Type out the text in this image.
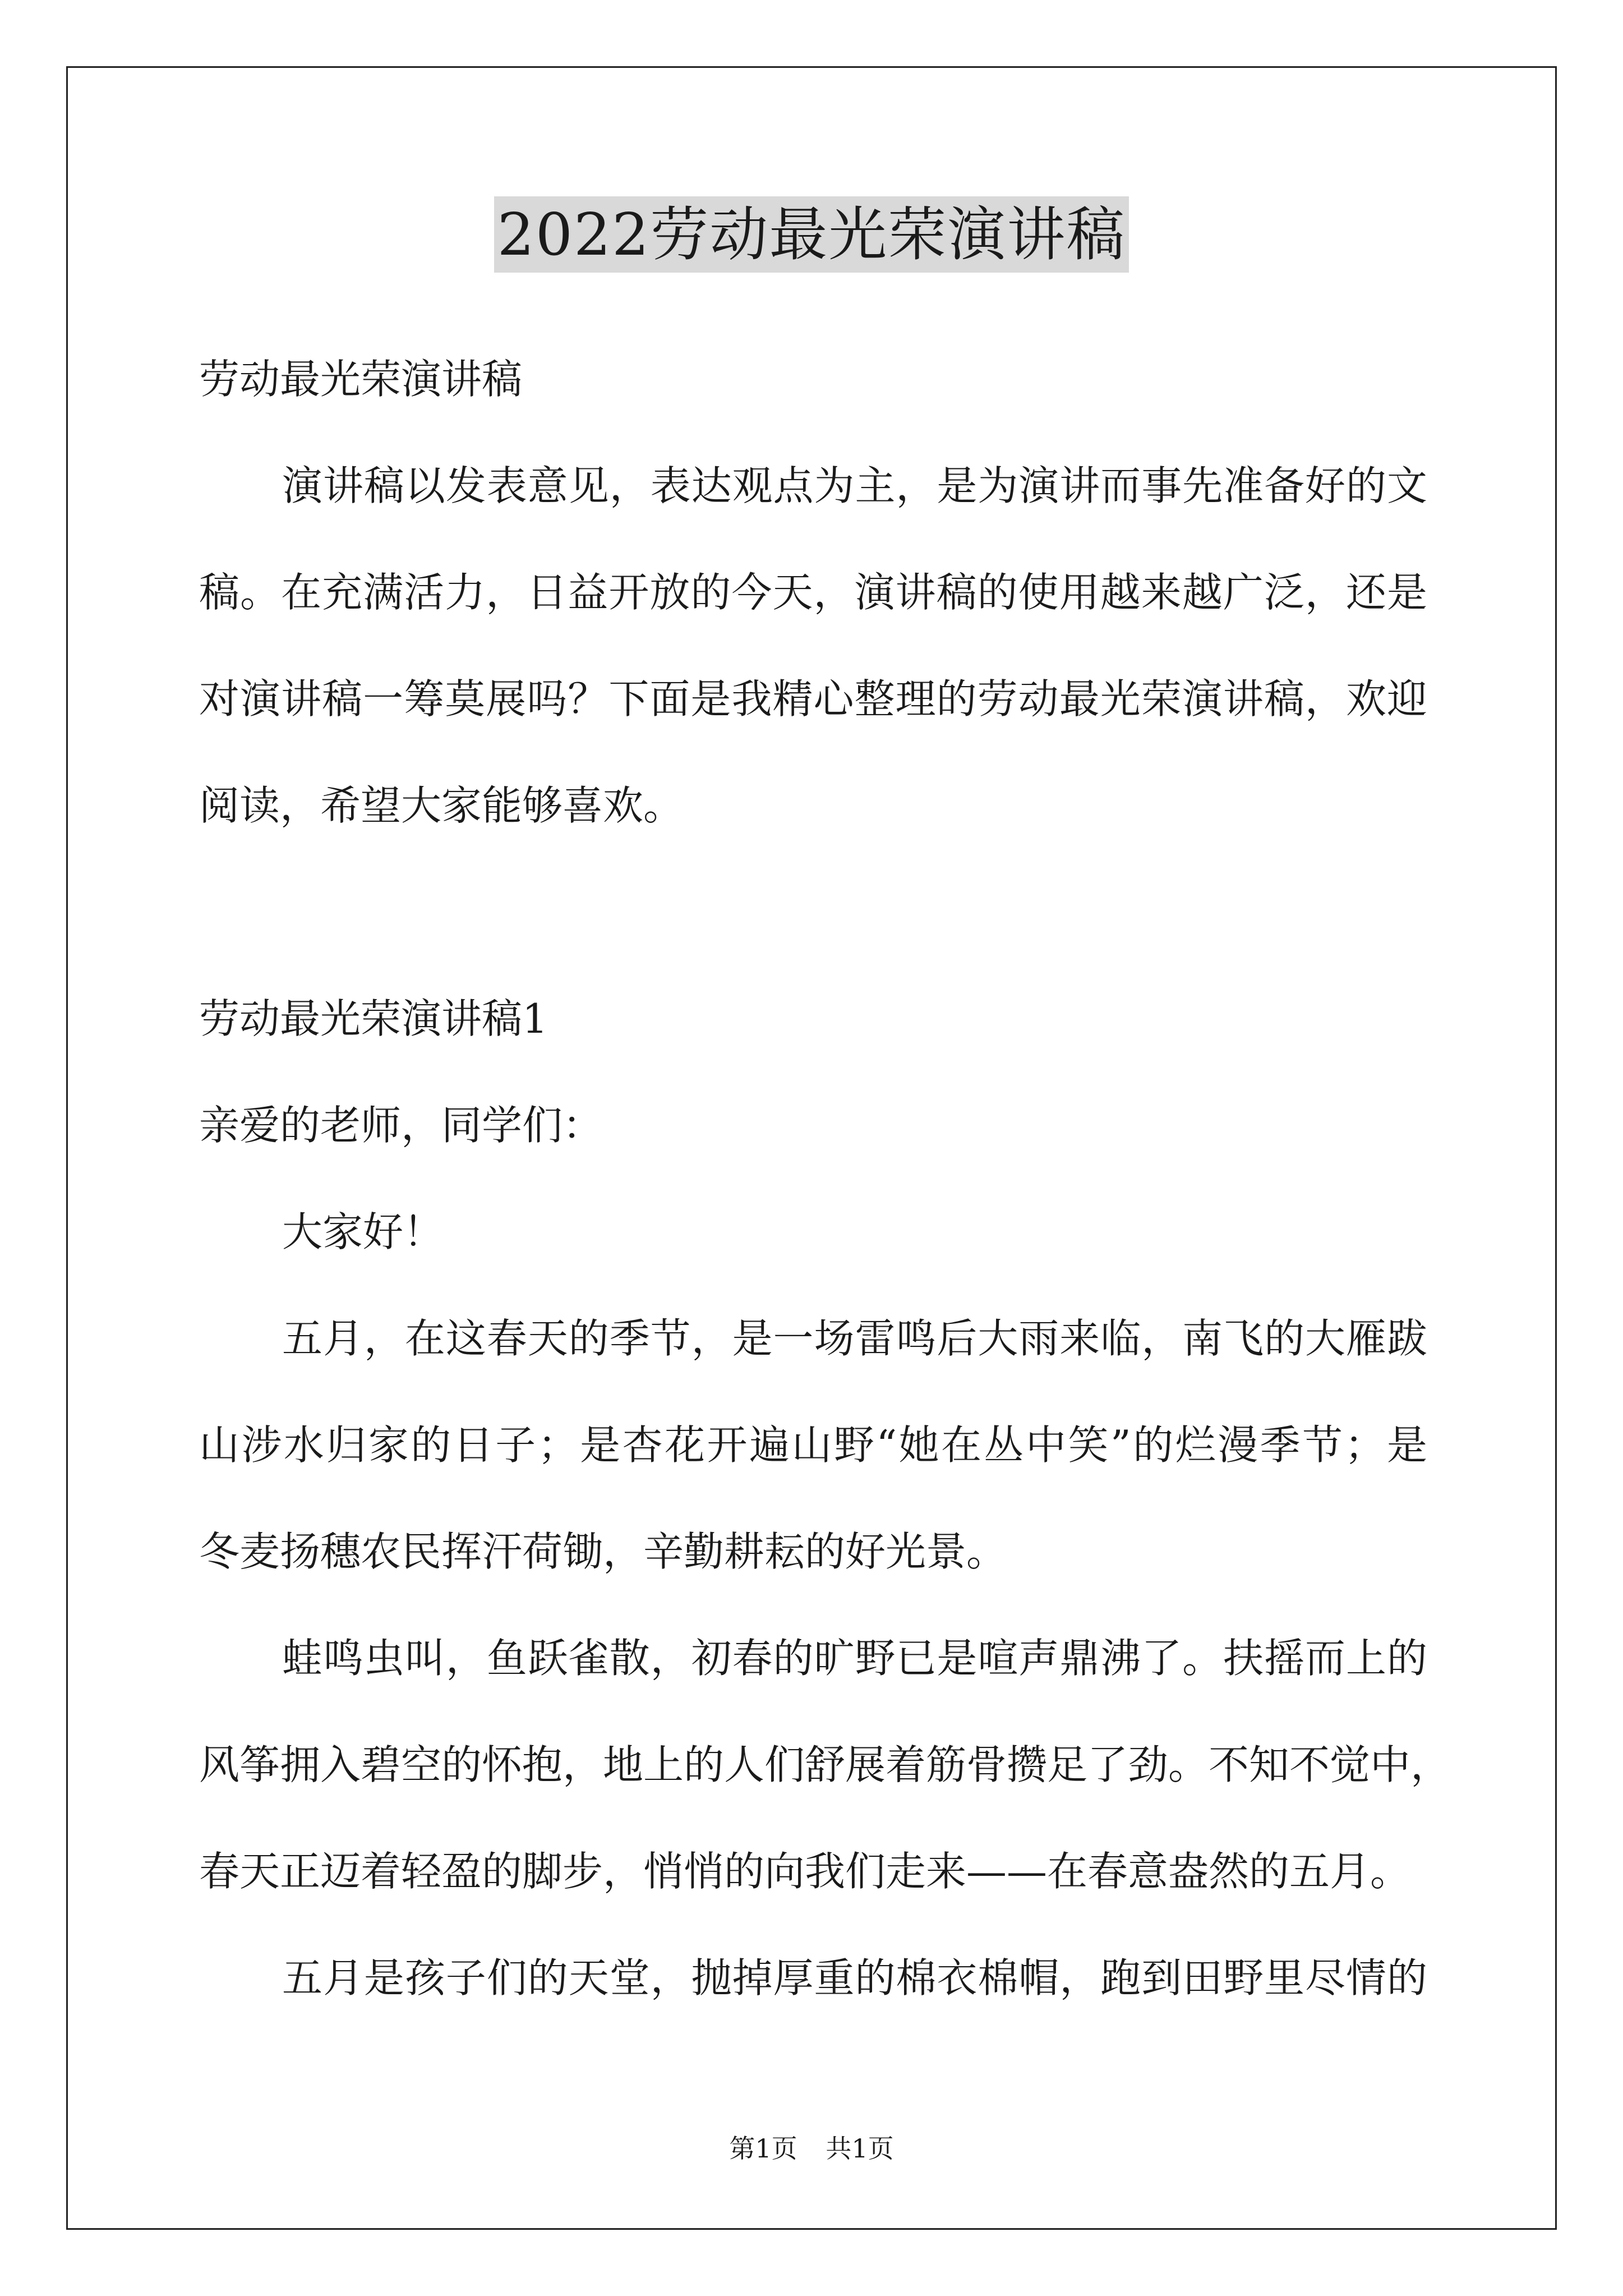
2022劳动最光荣演讲稿
劳动最光荣演讲稿
演讲稿以发表意见，表达观点为主，是为演讲而事先准备好的文
稿。在充满活力，日益开放的今天，演讲稿的使用越来越广泛，还是
对演讲稿一筹莫展吗？下面是我精心整理的劳动最光荣演讲稿，欢迎
阅读，希望大家能够喜欢。
劳动最光荣演讲稿1
亲爱的老师，同学们：
大家好！
五月，在这春天的季节，是一场雷鸣后大雨来临，南飞的大雁跋
山涉水归家的日子；是杏花开遍山野“她在丛中笑”的烂漫季节；是
冬麦扬穗农民挥汗荷锄，辛勤耕耘的好光景。
蛙鸣虫叫，鱼跃雀散，初春的旷野已是喧声鼎沸了。扶摇而上的
风筝拥入碧空的怀抱，地上的人们舒展着筋骨攒足了劲。不知不觉中，
春天正迈着轻盈的脚步，悄悄的向我们走来——在春意盎然的五月。
五月是孩子们的天堂，抛掉厚重的棉衣棉帽，跑到田野里尽情的
第1页 共1页
